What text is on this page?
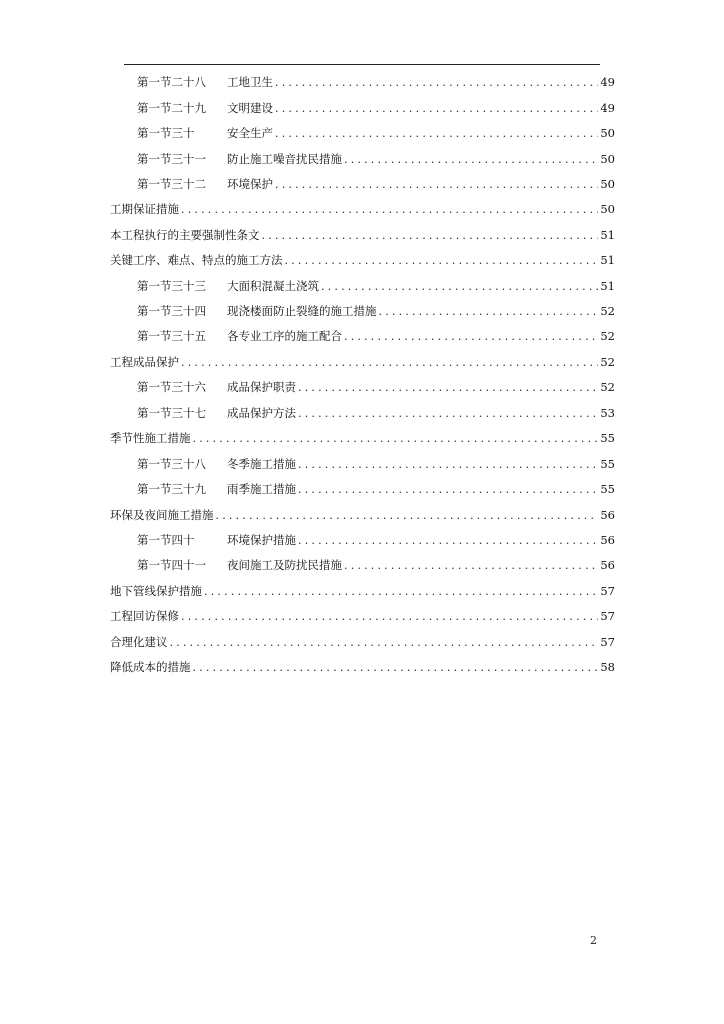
第一节二十八	工地卫生 .....	49
第一节二十九	文明建设 .....	49
第一节三十	安全生产 .....	50
第一节三十一	防止施工噪音扰民措施 .....	50
第一节三十二	环境保护 .....	50
工期保证措施 .....	50
本工程执行的主要强制性条文 .....	51
关键工序、难点、特点的施工方法 .....	51
第一节三十三	大面积混凝土浇筑 .....	51
第一节三十四	现浇楼面防止裂缝的施工措施 .....	52
第一节三十五	各专业工序的施工配合 .....	52
工程成品保护 .....	52
第一节三十六	成品保护职责 .....	52
第一节三十七	成品保护方法 .....	53
季节性施工措施 .....	55
第一节三十八	冬季施工措施 .....	55
第一节三十九	雨季施工措施 .....	55
环保及夜间施工措施 .....	56
第一节四十	环境保护措施 .....	56
第一节四十一	夜间施工及防扰民措施 .....	56
地下管线保护措施 .....	57
工程回访保修 .....	57
合理化建议 .....	57
降低成本的措施 .....	58
2
